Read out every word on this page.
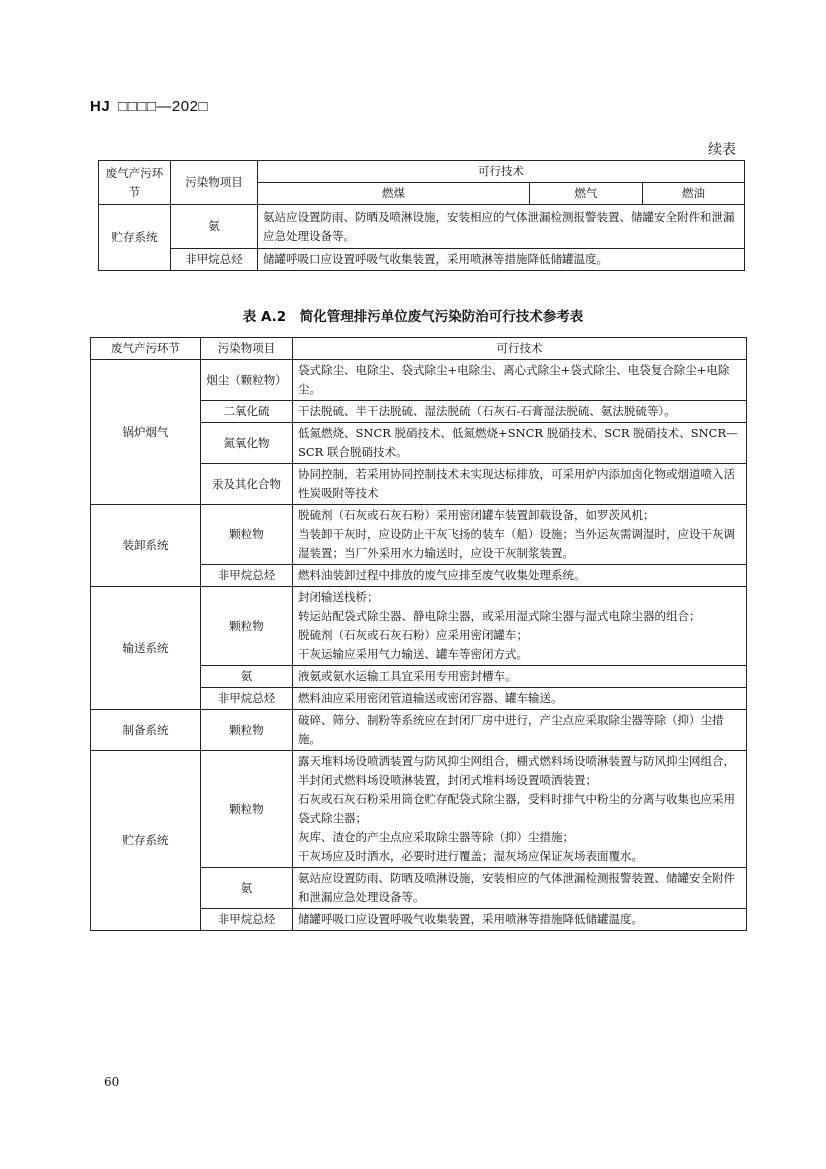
HJ □□□□—202□
续表
废气产污环节	污染物项目	可行技术		
		燃煤	燃气	燃油
贮存系统	氨	氨站应设置防雨、防晒及喷淋设施，安装相应的气体泄漏检测报警装置、储罐安全附件和泄漏应急处理设备等。		
	非甲烷总烃	储罐呼吸口应设置呼吸气收集装置，采用喷淋等措施降低储罐温度。		
表 A.2　简化管理排污单位废气污染防治可行技术参考表
废气产污环节	污染物项目	可行技术
锅炉烟气	烟尘（颗粒物）	袋式除尘、电除尘、袋式除尘+电除尘、离心式除尘+袋式除尘、电袋复合除尘+电除尘。
	二氧化硫	干法脱硫、半干法脱硫、湿法脱硫（石灰石-石膏湿法脱硫、氨法脱硫等）。
	氮氧化物	低氮燃烧、SNCR 脱硝技术、低氮燃烧+SNCR 脱硝技术、SCR 脱硝技术、SNCR—SCR 联合脱硝技术。
	汞及其化合物	协同控制，若采用协同控制技术未实现达标排放，可采用炉内添加卤化物或烟道喷入活性炭吸附等技术
装卸系统	颗粒物	脱硫剂（石灰或石灰石粉）采用密闭罐车装置卸载设备，如罗茨风机；
当装卸干灰时，应设防止干灰飞扬的装车（船）设施；当外运灰需调湿时，应设干灰调湿装置；当厂外采用水力输送时，应设干灰制浆装置。
	非甲烷总烃	燃料油装卸过程中排放的废气应排至废气收集处理系统。
输送系统	颗粒物	封闭输送栈桥；
转运站配袋式除尘器、静电除尘器，或采用湿式除尘器与湿式电除尘器的组合；
脱硫剂（石灰或石灰石粉）应采用密闭罐车；
干灰运输应采用气力输送、罐车等密闭方式。
	氨	液氨或氨水运输工具宜采用专用密封槽车。
	非甲烷总烃	燃料油应采用密闭管道输送或密闭容器、罐车输送。
制备系统	颗粒物	破碎、筛分、制粉等系统应在封闭厂房中进行，产尘点应采取除尘器等除（抑）尘措施。
贮存系统	颗粒物	露天堆料场设喷洒装置与防风抑尘网组合，棚式燃料场设喷淋装置与防风抑尘网组合，半封闭式燃料场设喷淋装置，封闭式堆料场设置喷洒装置；
石灰或石灰石粉采用筒仓贮存配袋式除尘器，受料时排气中粉尘的分离与收集也应采用袋式除尘器；
灰库、渣仓的产尘点应采取除尘器等除（抑）尘措施；
干灰场应及时洒水，必要时进行覆盖；湿灰场应保证灰场表面覆水。
	氨	氨站应设置防雨、防晒及喷淋设施，安装相应的气体泄漏检测报警装置、储罐安全附件和泄漏应急处理设备等。
	非甲烷总烃	储罐呼吸口应设置呼吸气收集装置，采用喷淋等措施降低储罐温度。
60
